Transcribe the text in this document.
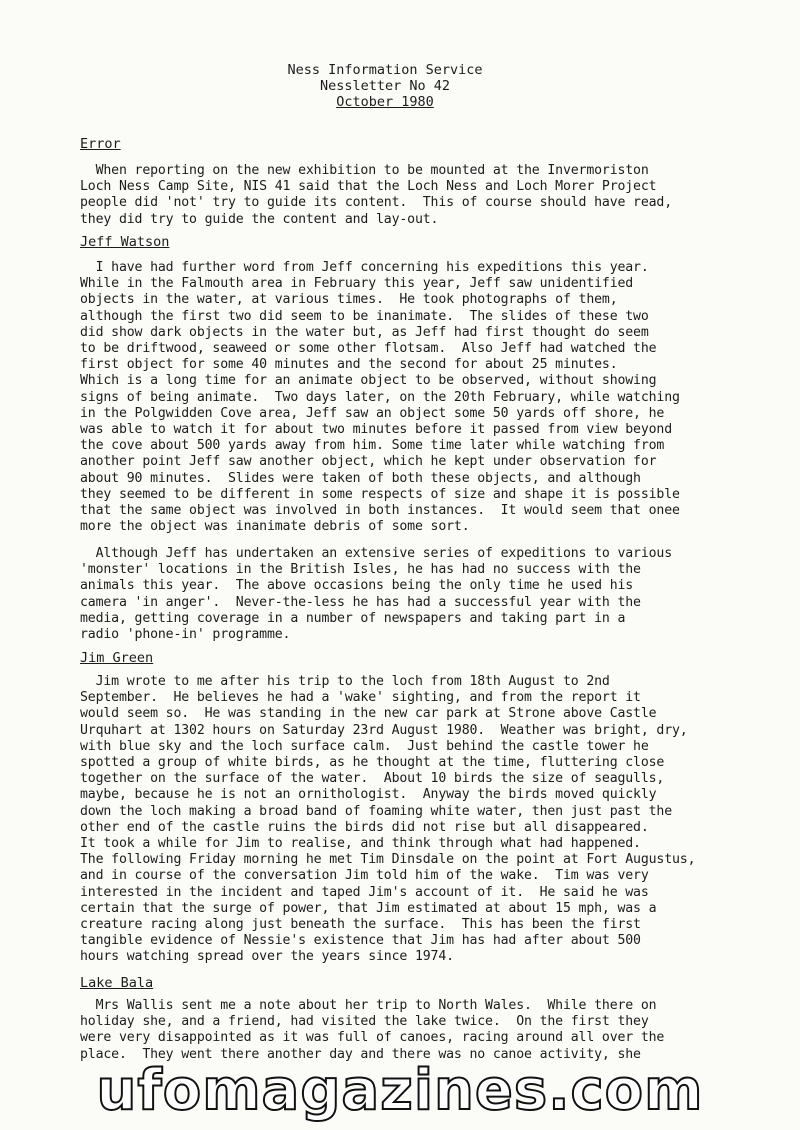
Ness Information Service
Nessletter No 42
October 1980
Error
When reporting on the new exhibition to be mounted at the Invermoriston
Loch Ness Camp Site, NIS 41 said that the Loch Ness and Loch Morer Project
people did 'not' try to guide its content.  This of course should have read,
they did try to guide the content and lay-out.
Jeff Watson
I have had further word from Jeff concerning his expeditions this year.
While in the Falmouth area in February this year, Jeff saw unidentified
objects in the water, at various times.  He took photographs of them,
although the first two did seem to be inanimate.  The slides of these two
did show dark objects in the water but, as Jeff had first thought do seem
to be driftwood, seaweed or some other flotsam.  Also Jeff had watched the
first object for some 40 minutes and the second for about 25 minutes.
Which is a long time for an animate object to be observed, without showing
signs of being animate.  Two days later, on the 20th February, while watching
in the Polgwidden Cove area, Jeff saw an object some 50 yards off shore, he
was able to watch it for about two minutes before it passed from view beyond
the cove about 500 yards away from him. Some time later while watching from
another point Jeff saw another object, which he kept under observation for
about 90 minutes.  Slides were taken of both these objects, and although
they seemed to be different in some respects of size and shape it is possible
that the same object was involved in both instances.  It would seem that onee
more the object was inanimate debris of some sort.
Although Jeff has undertaken an extensive series of expeditions to various
'monster' locations in the British Isles, he has had no success with the
animals this year.  The above occasions being the only time he used his
camera 'in anger'.  Never-the-less he has had a successful year with the
media, getting coverage in a number of newspapers and taking part in a
radio 'phone-in' programme.
Jim Green
Jim wrote to me after his trip to the loch from 18th August to 2nd
September.  He believes he had a 'wake' sighting, and from the report it
would seem so.  He was standing in the new car park at Strone above Castle
Urquhart at 1302 hours on Saturday 23rd August 1980.  Weather was bright, dry,
with blue sky and the loch surface calm.  Just behind the castle tower he
spotted a group of white birds, as he thought at the time, fluttering close
together on the surface of the water.  About 10 birds the size of seagulls,
maybe, because he is not an ornithologist.  Anyway the birds moved quickly
down the loch making a broad band of foaming white water, then just past the
other end of the castle ruins the birds did not rise but all disappeared.
It took a while for Jim to realise, and think through what had happened.
The following Friday morning he met Tim Dinsdale on the point at Fort Augustus,
and in course of the conversation Jim told him of the wake.  Tim was very
interested in the incident and taped Jim's account of it.  He said he was
certain that the surge of power, that Jim estimated at about 15 mph, was a
creature racing along just beneath the surface.  This has been the first
tangible evidence of Nessie's existence that Jim has had after about 500
hours watching spread over the years since 1974.
Lake Bala
Mrs Wallis sent me a note about her trip to North Wales.  While there on
holiday she, and a friend, had visited the lake twice.  On the first they
were very disappointed as it was full of canoes, racing around all over the
place.  They went there another day and there was no canoe activity, she
ufomagazines.com
